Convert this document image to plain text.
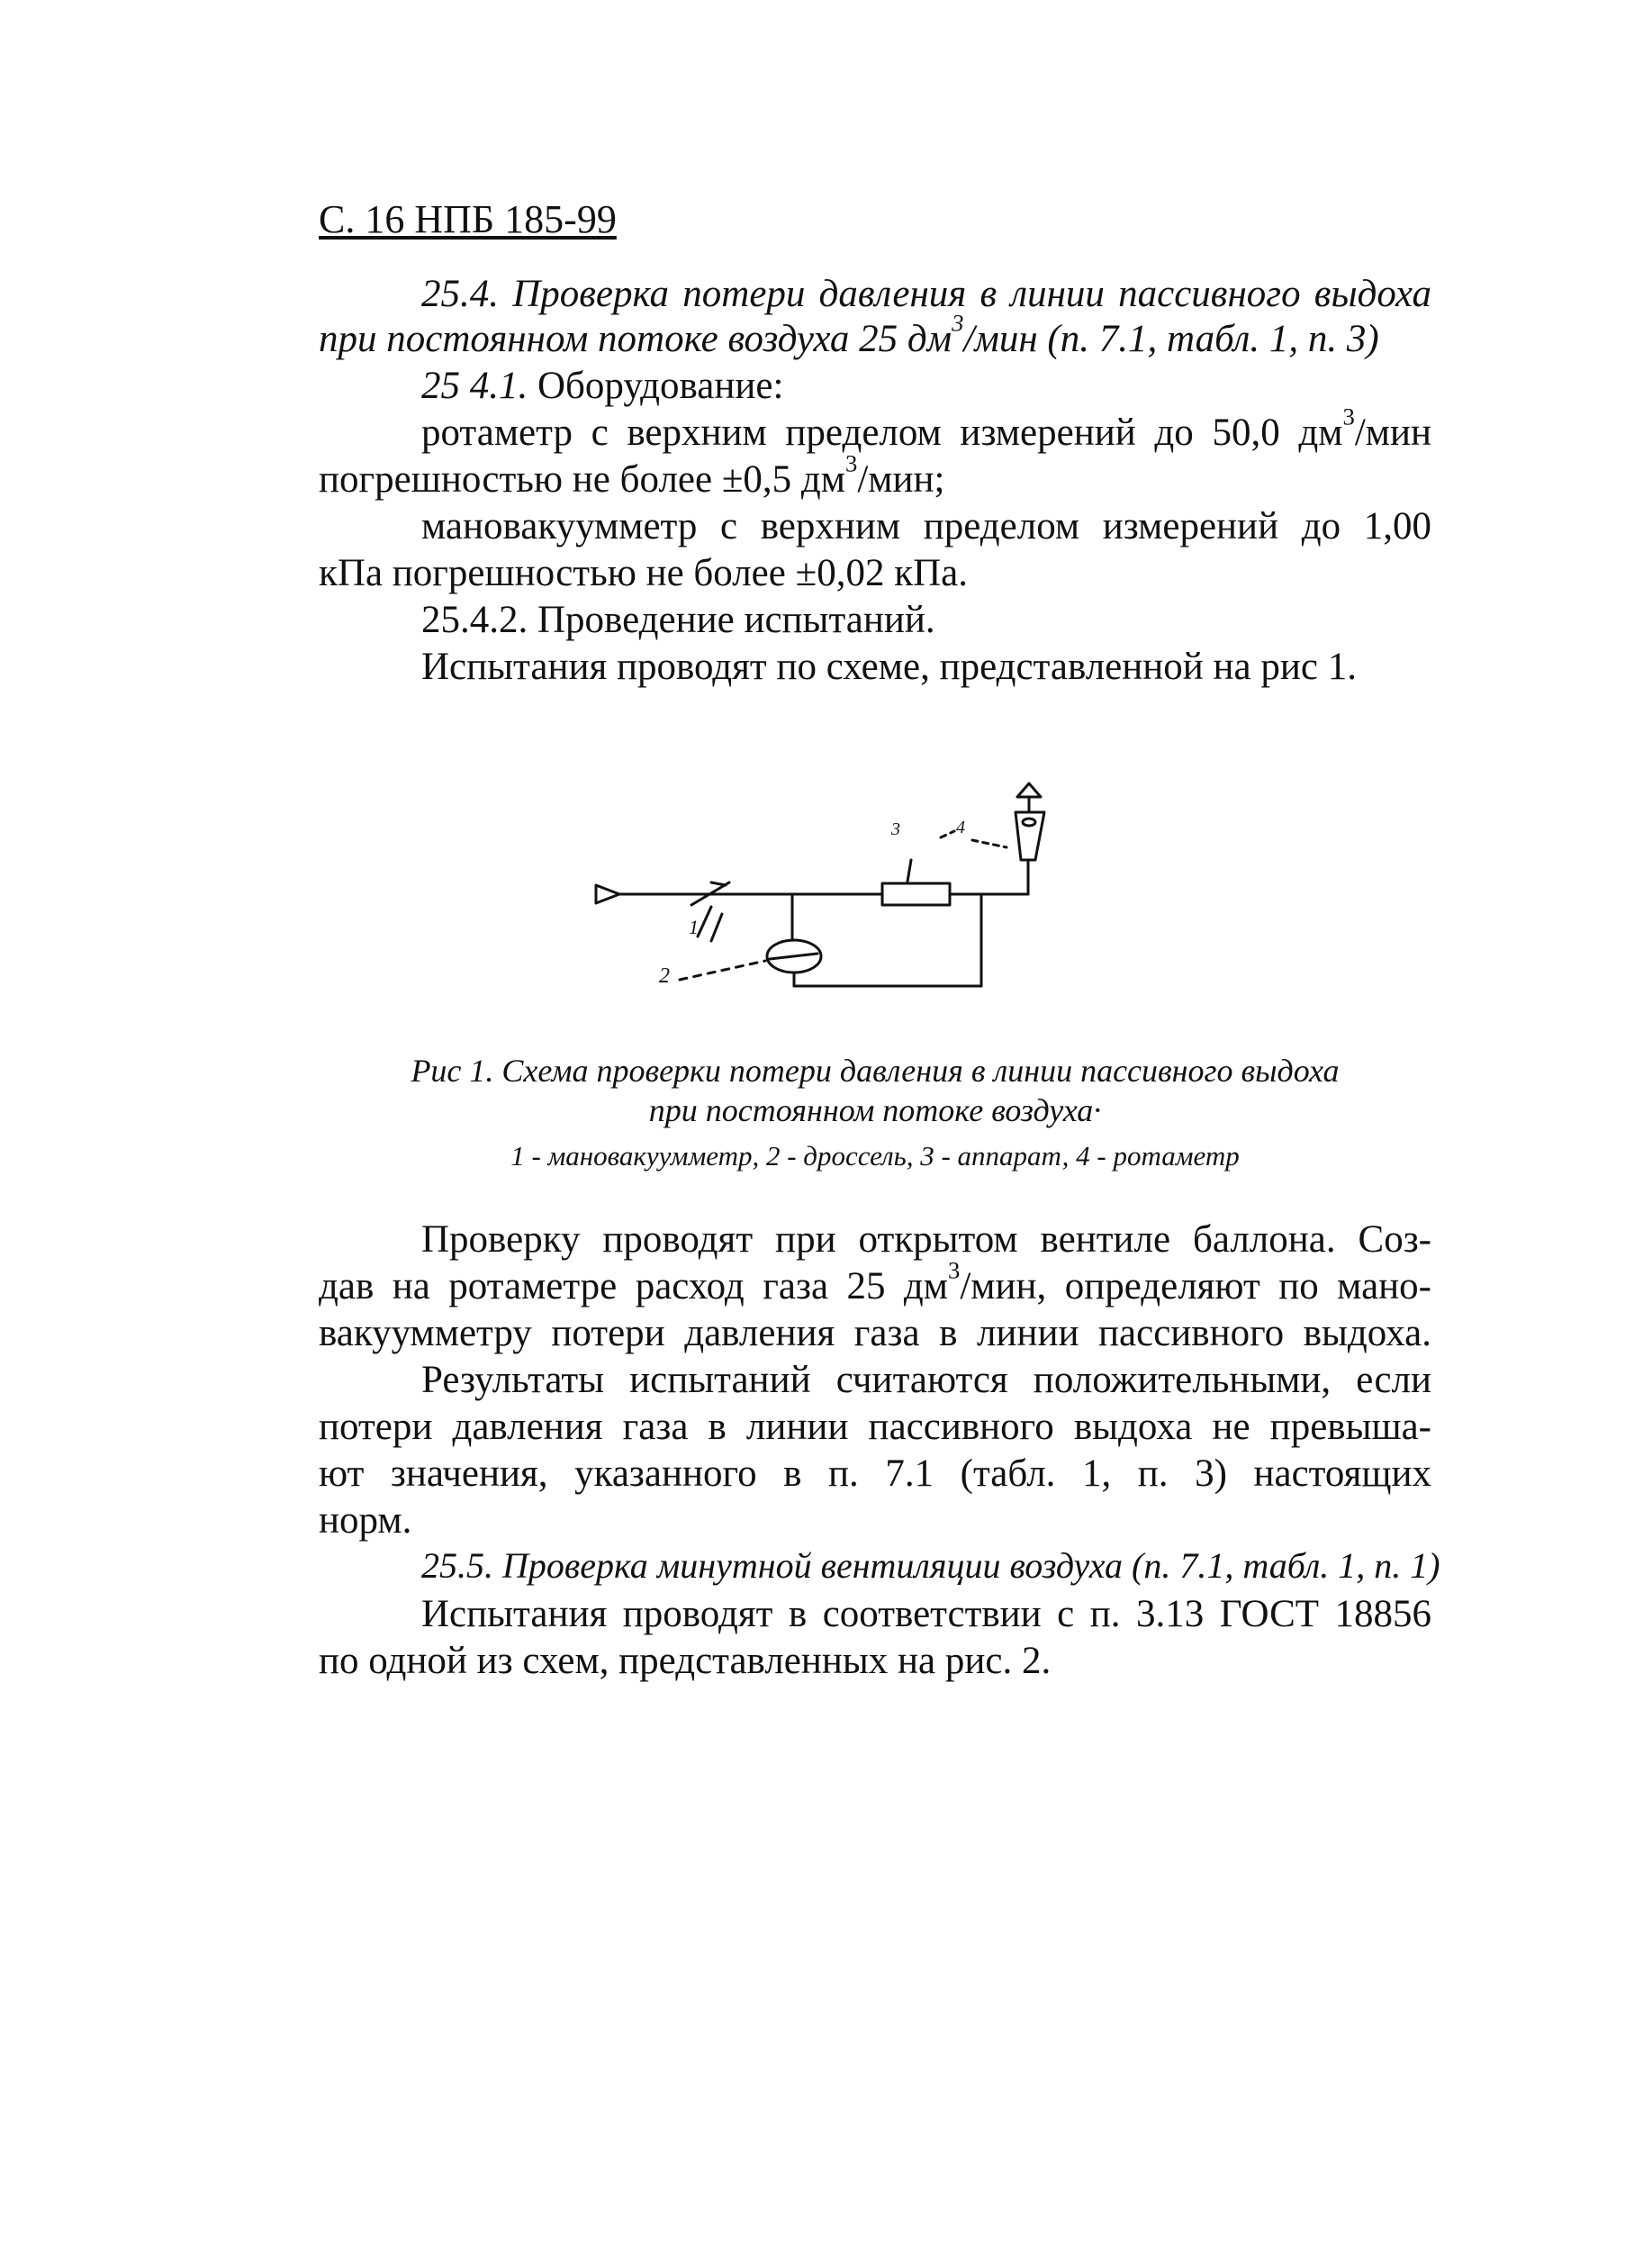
С. 16 НПБ 185-99
25.4. Проверка потери давления в линии пассивного выдоха
при постоянном потоке воздуха 25 $дм^3$/мин (п. 7.1, табл. 1, п. 3)
25 4.1. Оборудование:
ротаметр с верхним пределом измерений до 50,0 $дм^3$/мин
погрешностью не более ±0,5 $дм^3$/мин;
мановакуумметр с верхним пределом измерений до 1,00
кПа погрешностью не более ±0,02 кПа.
25.4.2. Проведение испытаний.
Испытания проводят по схеме, представленной на рис 1.
1
2
3	4
Рис 1. Схема проверки потери давления в линии пассивного выдоха
при постоянном потоке воздуха·
1 - мановакуумметр, 2 - дроссель, 3 - аппарат, 4 - ротаметр
Проверку проводят при открытом вентиле баллона. Соз-
дав на ротаметре расход газа 25 $дм^3$/мин, определяют по мано-
вакуумметру потери давления газа в линии пассивного выдоха.
Результаты испытаний считаются положительными, если
потери давления газа в линии пассивного выдоха не превыша-
ют значения, указанного в п. 7.1 (табл. 1, п. 3) настоящих
норм.
25.5. Проверка минутной вентиляции воздуха (п. 7.1, табл. 1, п. 1)
Испытания проводят в соответствии с п. 3.13 ГОСТ 18856
по одной из схем, представленных на рис. 2.
